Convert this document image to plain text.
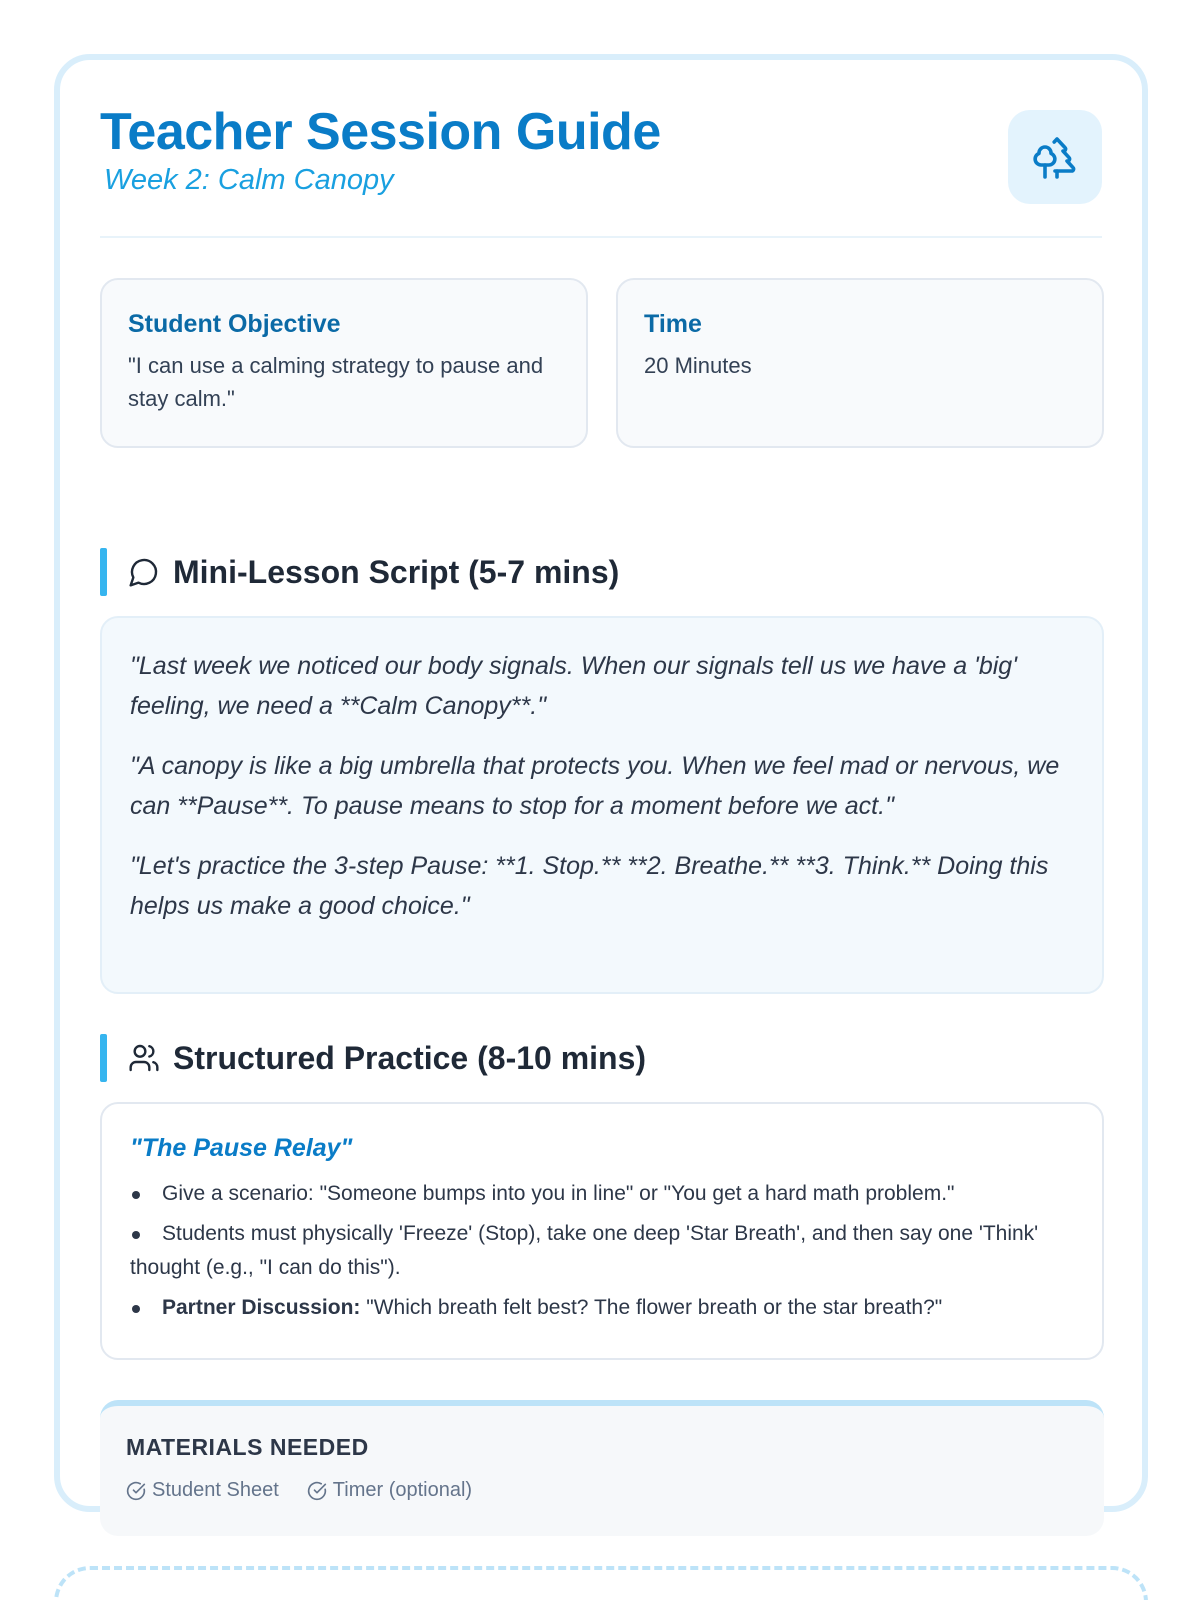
Teacher Session Guide
Week 2: Calm Canopy
Student Objective
"I can use a calming strategy to pause and stay calm."
Time
20 Minutes
Mini-Lesson Script (5-7 mins)

"Last week we noticed our body signals. When our signals tell us we have a 'big' feeling, we need a **Calm Canopy**."

"A canopy is like a big umbrella that protects you. When we feel mad or nervous, we can **Pause**. To pause means to stop for a moment before we act."

"Let's practice the 3-step Pause: **1. Stop.** **2. Breathe.** **3. Think.** Doing this helps us make a good choice."

Structured Practice (8-10 mins)
"The Pause Relay"
Give a scenario: "Someone bumps into you in line" or "You get a hard math problem."
Students must physically 'Freeze' (Stop), take one deep 'Star Breath', and then say one 'Think' thought (e.g., "I can do this").
Partner Discussion: "Which breath felt best? The flower breath or the star breath?"
MATERIALS NEEDED
Student Sheet	Timer (optional)
